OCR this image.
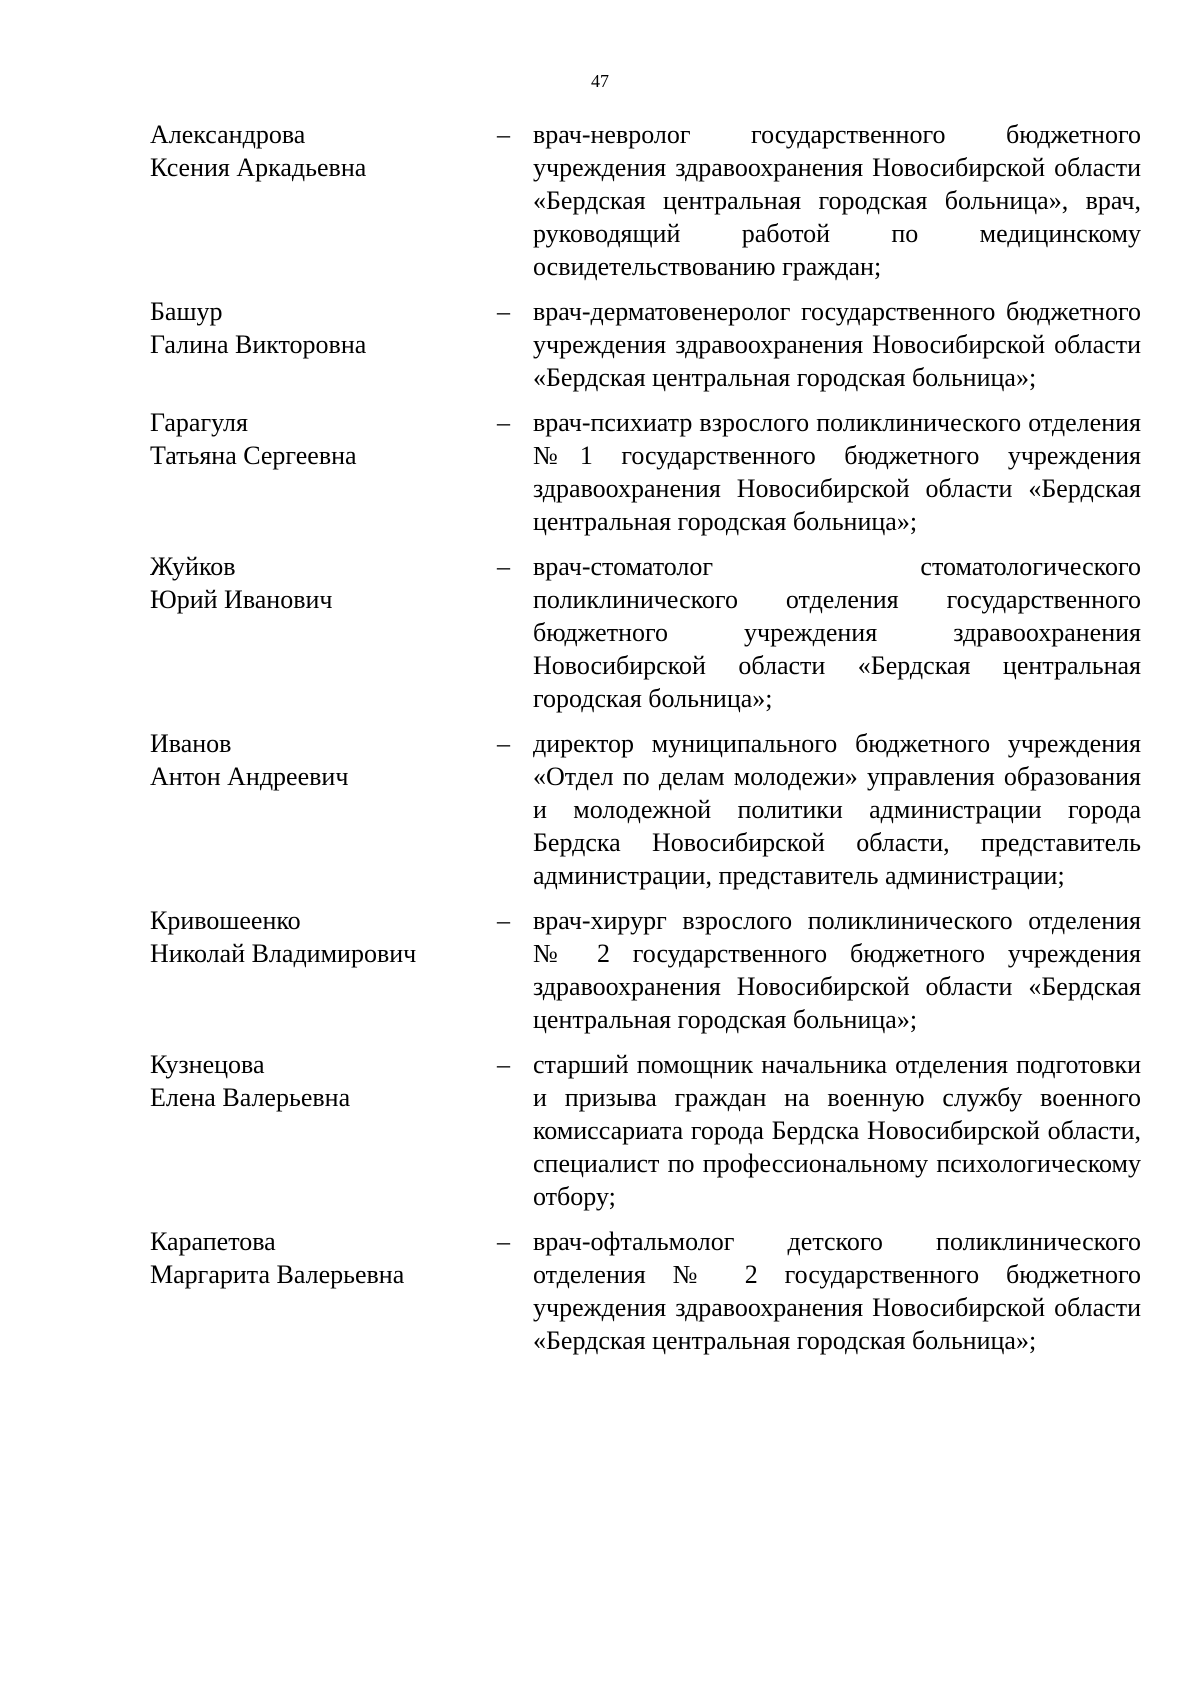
47
Александрова
Ксения Аркадьевна
– врач-невролог государственного бюджетного учреждения здравоохранения Новосибирской области «Бердская центральная городская больница», врач, руководящий работой по медицинскому освидетельствованию граждан;
Башур
Галина Викторовна
– врач-дерматовенеролог государственного бюджетного учреждения здравоохранения Новосибирской области «Бердская центральная городская больница»;
Гарагуля
Татьяна Сергеевна
– врач-психиатр взрослого поликлинического отделения №1 государственного бюджетного учреждения здравоохранения Новосибирской области «Бердская центральная городская больница»;
Жуйков
Юрий Иванович
– врач-стоматолог стоматологического поликлинического отделения государственного бюджетного учреждения здравоохранения Новосибирской области «Бердская центральная городская больница»;
Иванов
Антон Андреевич
– директор муниципального бюджетного учреждения «Отдел по делам молодежи» управления образования и молодежной политики администрации города Бердска Новосибирской области, представитель администрации, представитель администрации;
Кривошеенко
Николай Владимирович
– врач-хирург взрослого поликлинического отделения № 2 государственного бюджетного учреждения здравоохранения Новосибирской области «Бердская центральная городская больница»;
Кузнецова
Елена Валерьевна
– старший помощник начальника отделения подготовки и призыва граждан на военную службу военного комиссариата города Бердска Новосибирской области, специалист по профессиональному психологическому отбору;
Карапетова
Маргарита Валерьевна
– врач-офтальмолог детского поликлинического отделения № 2 государственного бюджетного учреждения здравоохранения Новосибирской области «Бердская центральная городская больница»;
